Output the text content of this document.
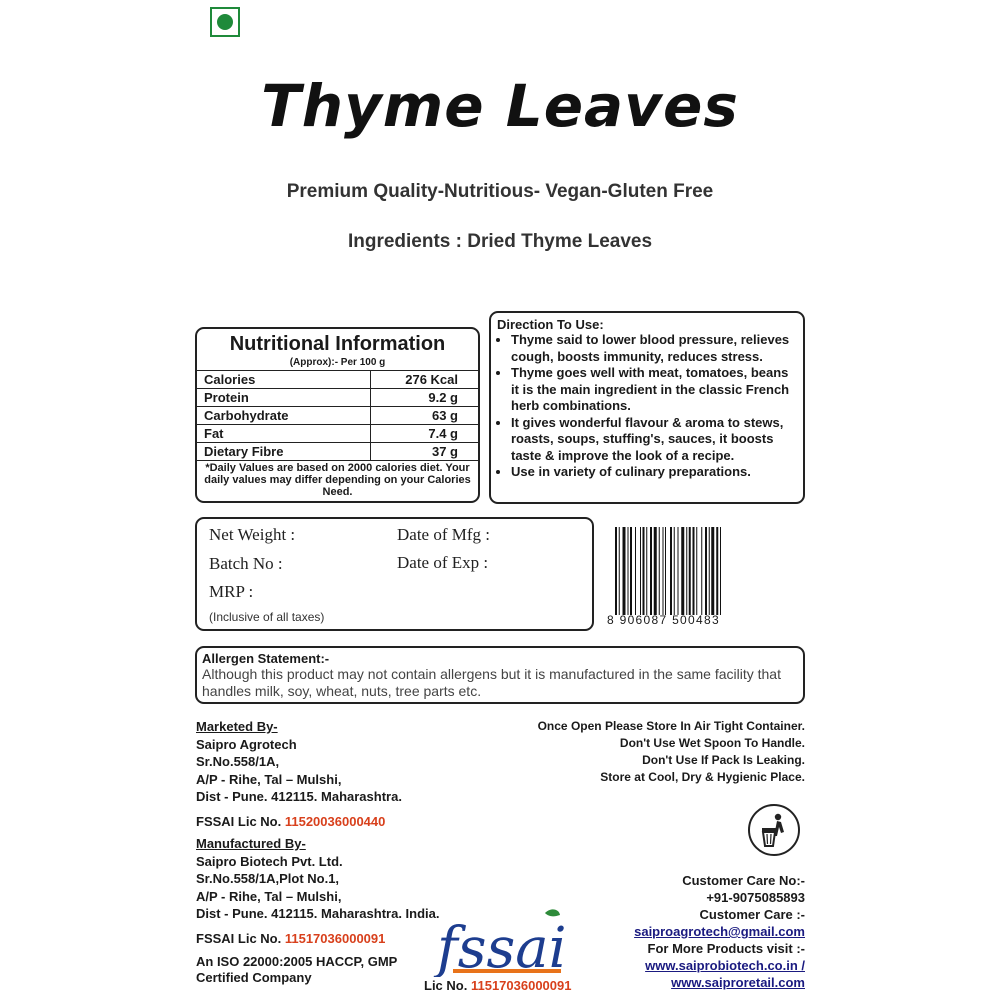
Thyme Leaves
Premium Quality-Nutritious- Vegan-Gluten Free
Ingredients : Dried Thyme Leaves
Nutritional Information
(Approx):- Per 100 g
Calories	276 Kcal
Protein	9.2 g
Carbohydrate	63 g
Fat	7.4 g
Dietary Fibre	37 g
*Daily Values are based on 2000 calories diet. Your daily values may differ depending on your Calories Need.
Direction To Use:
• Thyme said to lower blood pressure, relieves cough, boosts immunity, reduces stress.
• Thyme goes well with meat, tomatoes, beans it is the main ingredient in the classic French herb combinations.
• It gives wonderful flavour & aroma to stews, roasts, soups, stuffing's, sauces, it boosts taste & improve the look of a recipe.
• Use in variety of culinary preparations.
Net Weight :
Batch No :
MRP :
(Inclusive of all taxes)
Date of Mfg :
Date of Exp :
8 906087 500483
Allergen Statement:-
Although this product may not contain allergens but it is manufactured in the same facility that handles milk, soy, wheat, nuts, tree parts etc.
Marketed By-
Saipro Agrotech
Sr.No.558/1A,
A/P - Rihe, Tal – Mulshi,
Dist - Pune. 412115. Maharashtra.
FSSAI Lic No. 11520036000440
Manufactured By-
Saipro Biotech Pvt. Ltd.
Sr.No.558/1A,Plot No.1,
A/P - Rihe, Tal – Mulshi,
Dist - Pune. 412115. Maharashtra. India.
FSSAI Lic No. 11517036000091
An ISO 22000:2005 HACCP, GMP
Certified Company
Once Open Please Store In Air Tight Container.
Don't Use Wet Spoon To Handle.
Don't Use If Pack Is Leaking.
Store at Cool, Dry & Hygienic Place.
Customer Care No:-
+91-9075085893
Customer Care :-
saiproagrotech@gmail.com
For More Products visit :-
www.saiprobiotech.co.in /
www.saiproretail.com
fssai
Lic No. 11517036000091
